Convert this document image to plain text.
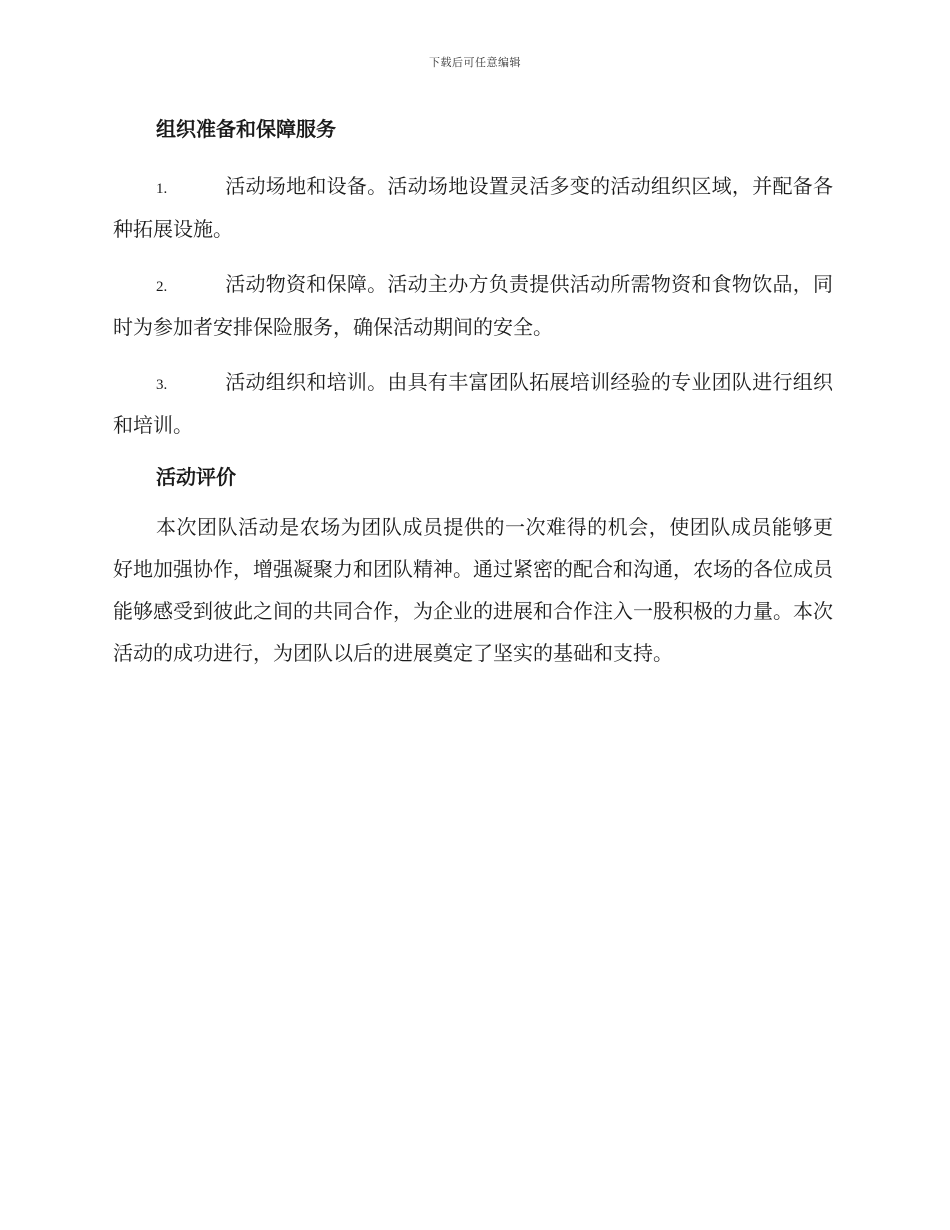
下载后可任意编辑
组织准备和保障服务

1.	活动场地和设备。活动场地设置灵活多变的活动组织区域，并配备各种拓展设施。

2.	活动物资和保障。活动主办方负责提供活动所需物资和食物饮品，同时为参加者安排保险服务，确保活动期间的安全。

3.	活动组织和培训。由具有丰富团队拓展培训经验的专业团队进行组织和培训。

活动评价

本次团队活动是农场为团队成员提供的一次难得的机会，使团队成员能够更好地加强协作，增强凝聚力和团队精神。通过紧密的配合和沟通，农场的各位成员能够感受到彼此之间的共同合作，为企业的进展和合作注入一股积极的力量。本次活动的成功进行，为团队以后的进展奠定了坚实的基础和支持。
